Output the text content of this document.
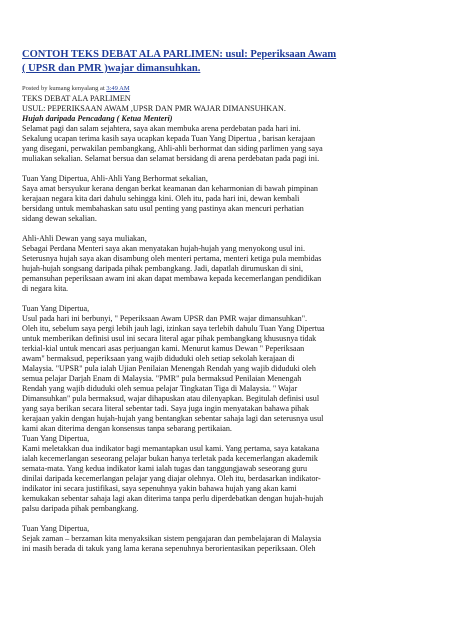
CONTOH TEKS DEBAT ALA PARLIMEN: usul: Peperiksaan Awam
( UPSR dan PMR )wajar dimansuhkan.
Posted by kumang kenyalang at 3:49 AM
TEKS DEBAT ALA PARLIMEN
USUL: PEPERIKSAAN AWAM ,UPSR DAN PMR WAJAR DIMANSUHKAN.
Hujah daripada Pencadang ( Ketua Menteri)
Selamat pagi dan salam sejahtera, saya akan membuka arena perdebatan pada hari ini.
Sekalung ucapan terima kasih saya ucapkan kepada Tuan Yang Dipertua , barisan kerajaan
yang disegani, perwakilan pembangkang, Ahli-ahli berhormat dan siding parlimen yang saya
muliakan sekalian. Selamat bersua dan selamat bersidang di arena perdebatan pada pagi ini.
Tuan Yang Dipertua, Ahli-Ahli Yang Berhormat sekalian,
Saya amat bersyukur kerana dengan berkat keamanan dan keharmonian di bawah pimpinan
kerajaan negara kita dari dahulu sehingga kini. Oleh itu, pada hari ini, dewan kembali
bersidang untuk membahaskan satu usul penting yang pastinya akan mencuri perhatian
sidang dewan sekalian.
Ahli-Ahli Dewan yang saya muliakan,
Sebagai Perdana Menteri saya akan menyatakan hujah-hujah yang menyokong usul ini.
Seterusnya hujah saya akan disambung oleh menteri pertama, menteri ketiga pula membidas
hujah-hujah songsang daripada pihak pembangkang. Jadi, dapatlah dirumuskan di sini,
pemansuhan peperiksaan awam ini akan dapat membawa kepada kecemerlangan pendidikan
di negara kita.
Tuan Yang Dipertua,
Usul pada hari ini berbunyi, " Peperiksaan Awam UPSR dan PMR wajar dimansuhkan".
Oleh itu, sebelum saya pergi lebih jauh lagi, izinkan saya terlebih dahulu Tuan Yang Dipertua
untuk memberikan definisi usul ini secara literal agar pihak pembangkang khususnya tidak
terkial-kial untuk mencari asas perjuangan kami. Menurut kamus Dewan " Peperiksaan
awam" bermaksud, peperiksaan yang wajib diduduki oleh setiap sekolah kerajaan di
Malaysia. "UPSR" pula ialah Ujian Penilaian Menengah Rendah yang wajib diduduki oleh
semua pelajar Darjah Enam di Malaysia. "PMR" pula bermaksud Penilaian Menengah
Rendah yang wajib diduduki oleh semua pelajar Tingkatan Tiga di Malaysia. " Wajar
Dimansuhkan" pula bermaksud, wajar dihapuskan atau dilenyapkan. Begitulah definisi usul
yang saya berikan secara literal sebentar tadi. Saya juga ingin menyatakan bahawa pihak
kerajaan yakin dengan hujah-hujah yang bentangkan sebentar sahaja lagi dan seterusnya usul
kami akan diterima dengan konsensus tanpa sebarang pertikaian.
Tuan Yang Dipertua,
Kami meletakkan dua indikator bagi memantapkan usul kami. Yang pertama, saya katakana
ialah kecemerlangan seseorang pelajar bukan hanya terletak pada kecemerlangan akademik
semata-mata. Yang kedua indikator kami ialah tugas dan tanggungjawab seseorang guru
dinilai daripada kecemerlangan pelajar yang diajar olehnya. Oleh itu, berdasarkan indikator-
indikator ini secara justifikasi, saya sepenuhnya yakin bahawa hujah yang akan kami
kemukakan sebentar sahaja lagi akan diterima tanpa perlu diperdebatkan dengan hujah-hujah
palsu daripada pihak pembangkang.
Tuan Yang Dipertua,
Sejak zaman – berzaman kita menyaksikan sistem pengajaran dan pembelajaran di Malaysia
ini masih berada di takuk yang lama kerana sepenuhnya berorientasikan peperiksaan. Oleh
